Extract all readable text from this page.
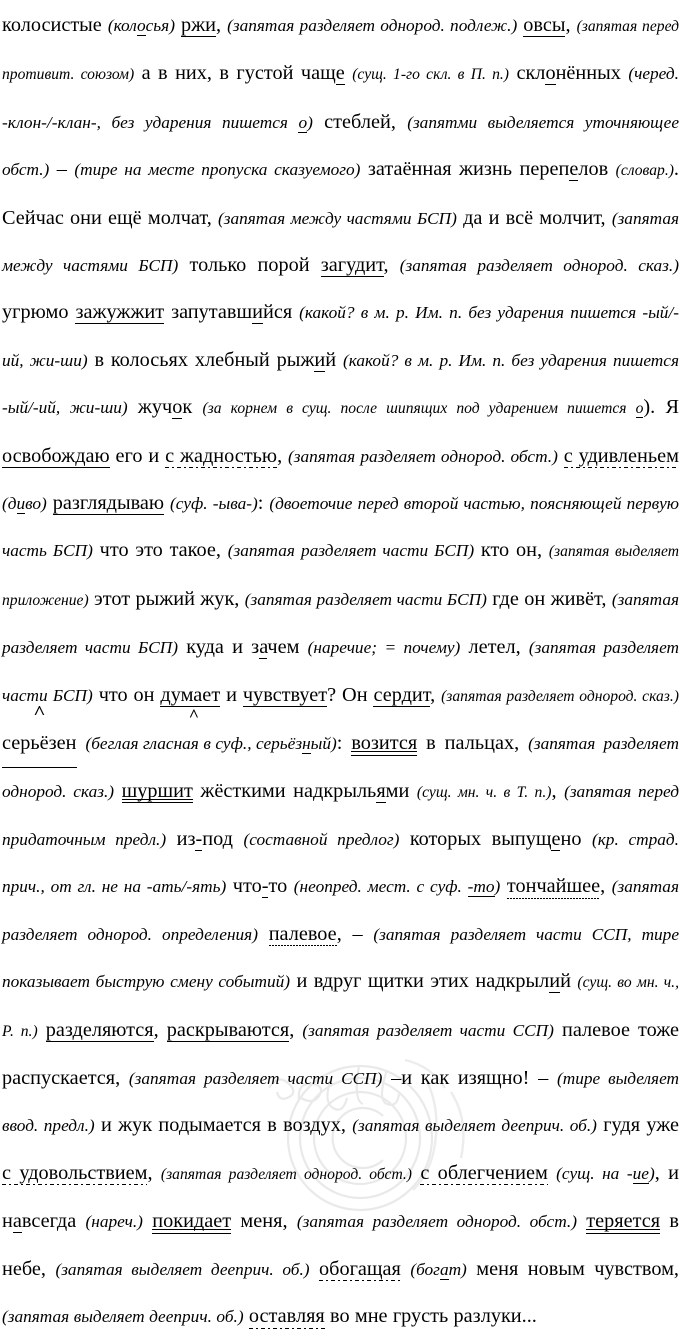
колосистые (колосья) ржи, (запятая разделяет однород. подлеж.) овсы, (запятая перед противит. союзом) а в них, в густой чаще (сущ. 1-го скл. в П. п.) склонённых (черед. -клон-/-клан-, без ударения пишется о) стеблей, (запятми выделяется уточняющее обст.) – (тире на месте пропуска сказуемого) затаённая жизнь перепелов (словар.). Сейчас они ещё молчат, (запятая между частями БСП) да и всё молчит, (запятая между частями БСП) только порой загудит, (запятая разделяет однород. сказ.) угрюмо зажужжит запутавшийся (какой? в м. р. Им. п. без ударения пишется -ый/-ий, жи-ши) в колосьях хлебный рыжий (какой? в м. р. Им. п. без ударения пишется -ый/-ий, жи-ши) жучок (за корнем в сущ. после шипящих под ударением пишется о). Я освобождаю его и с жадностью, (запятая разделяет однород. обст.) с удивленьем (диво) разглядываю (суф. -ыва-): (двоеточие перед второй частью, поясняющей первую часть БСП) что это такое, (запятая разделяет части БСП) кто он, (запятая выделяет приложение) этот рыжий жук, (запятая разделяет части БСП) где он живёт, (запятая разделяет части БСП) куда и зачем (наречие; = почему) летел, (запятая разделяет части БСП) что он думает и чувствует? Он сердит, (запятая разделяет однород. сказ.)
˄
серьёзен
˄
(беглая гласная в суф., серьёзный): возится в пальцах, (запятая разделяет однород. сказ.) шуршит жёсткими надкрыльями (сущ. мн. ч. в Т. п.), (запятая перед придаточным предл.) из-под (составной предлог) которых выпущено (кр. страд. прич., от гл. не на -ать/-ять) что-то (неопред. мест. с суф. -то) тончайшее, (запятая разделяет однород. определения) палевое, – (запятая разделяет части ССП, тире показывает быструю смену событий) и вдруг щитки этих надкрылий (сущ. во мн. ч., Р. п.) разделяются, раскрываются, (запятая разделяет части ССП) палевое тоже распускается, (запятая разделяет части ССП) –и как изящно! – (тире выделяет ввод. предл.) и жук подымается в воздух, (запятая выделяет дееприч. об.) гудя уже с удовольствием, (запятая разделяет однород. обст.) с облегчением (сущ. на -ие), и навсегда (нареч.) покидает меня, (запятая разделяет однород. обст.) теряется в небе, (запятая выделяет дееприч. об.) обогащая (богат) меня новым чувством, (запятая выделяет дееприч. об.) оставляя во мне грусть разлуки...
